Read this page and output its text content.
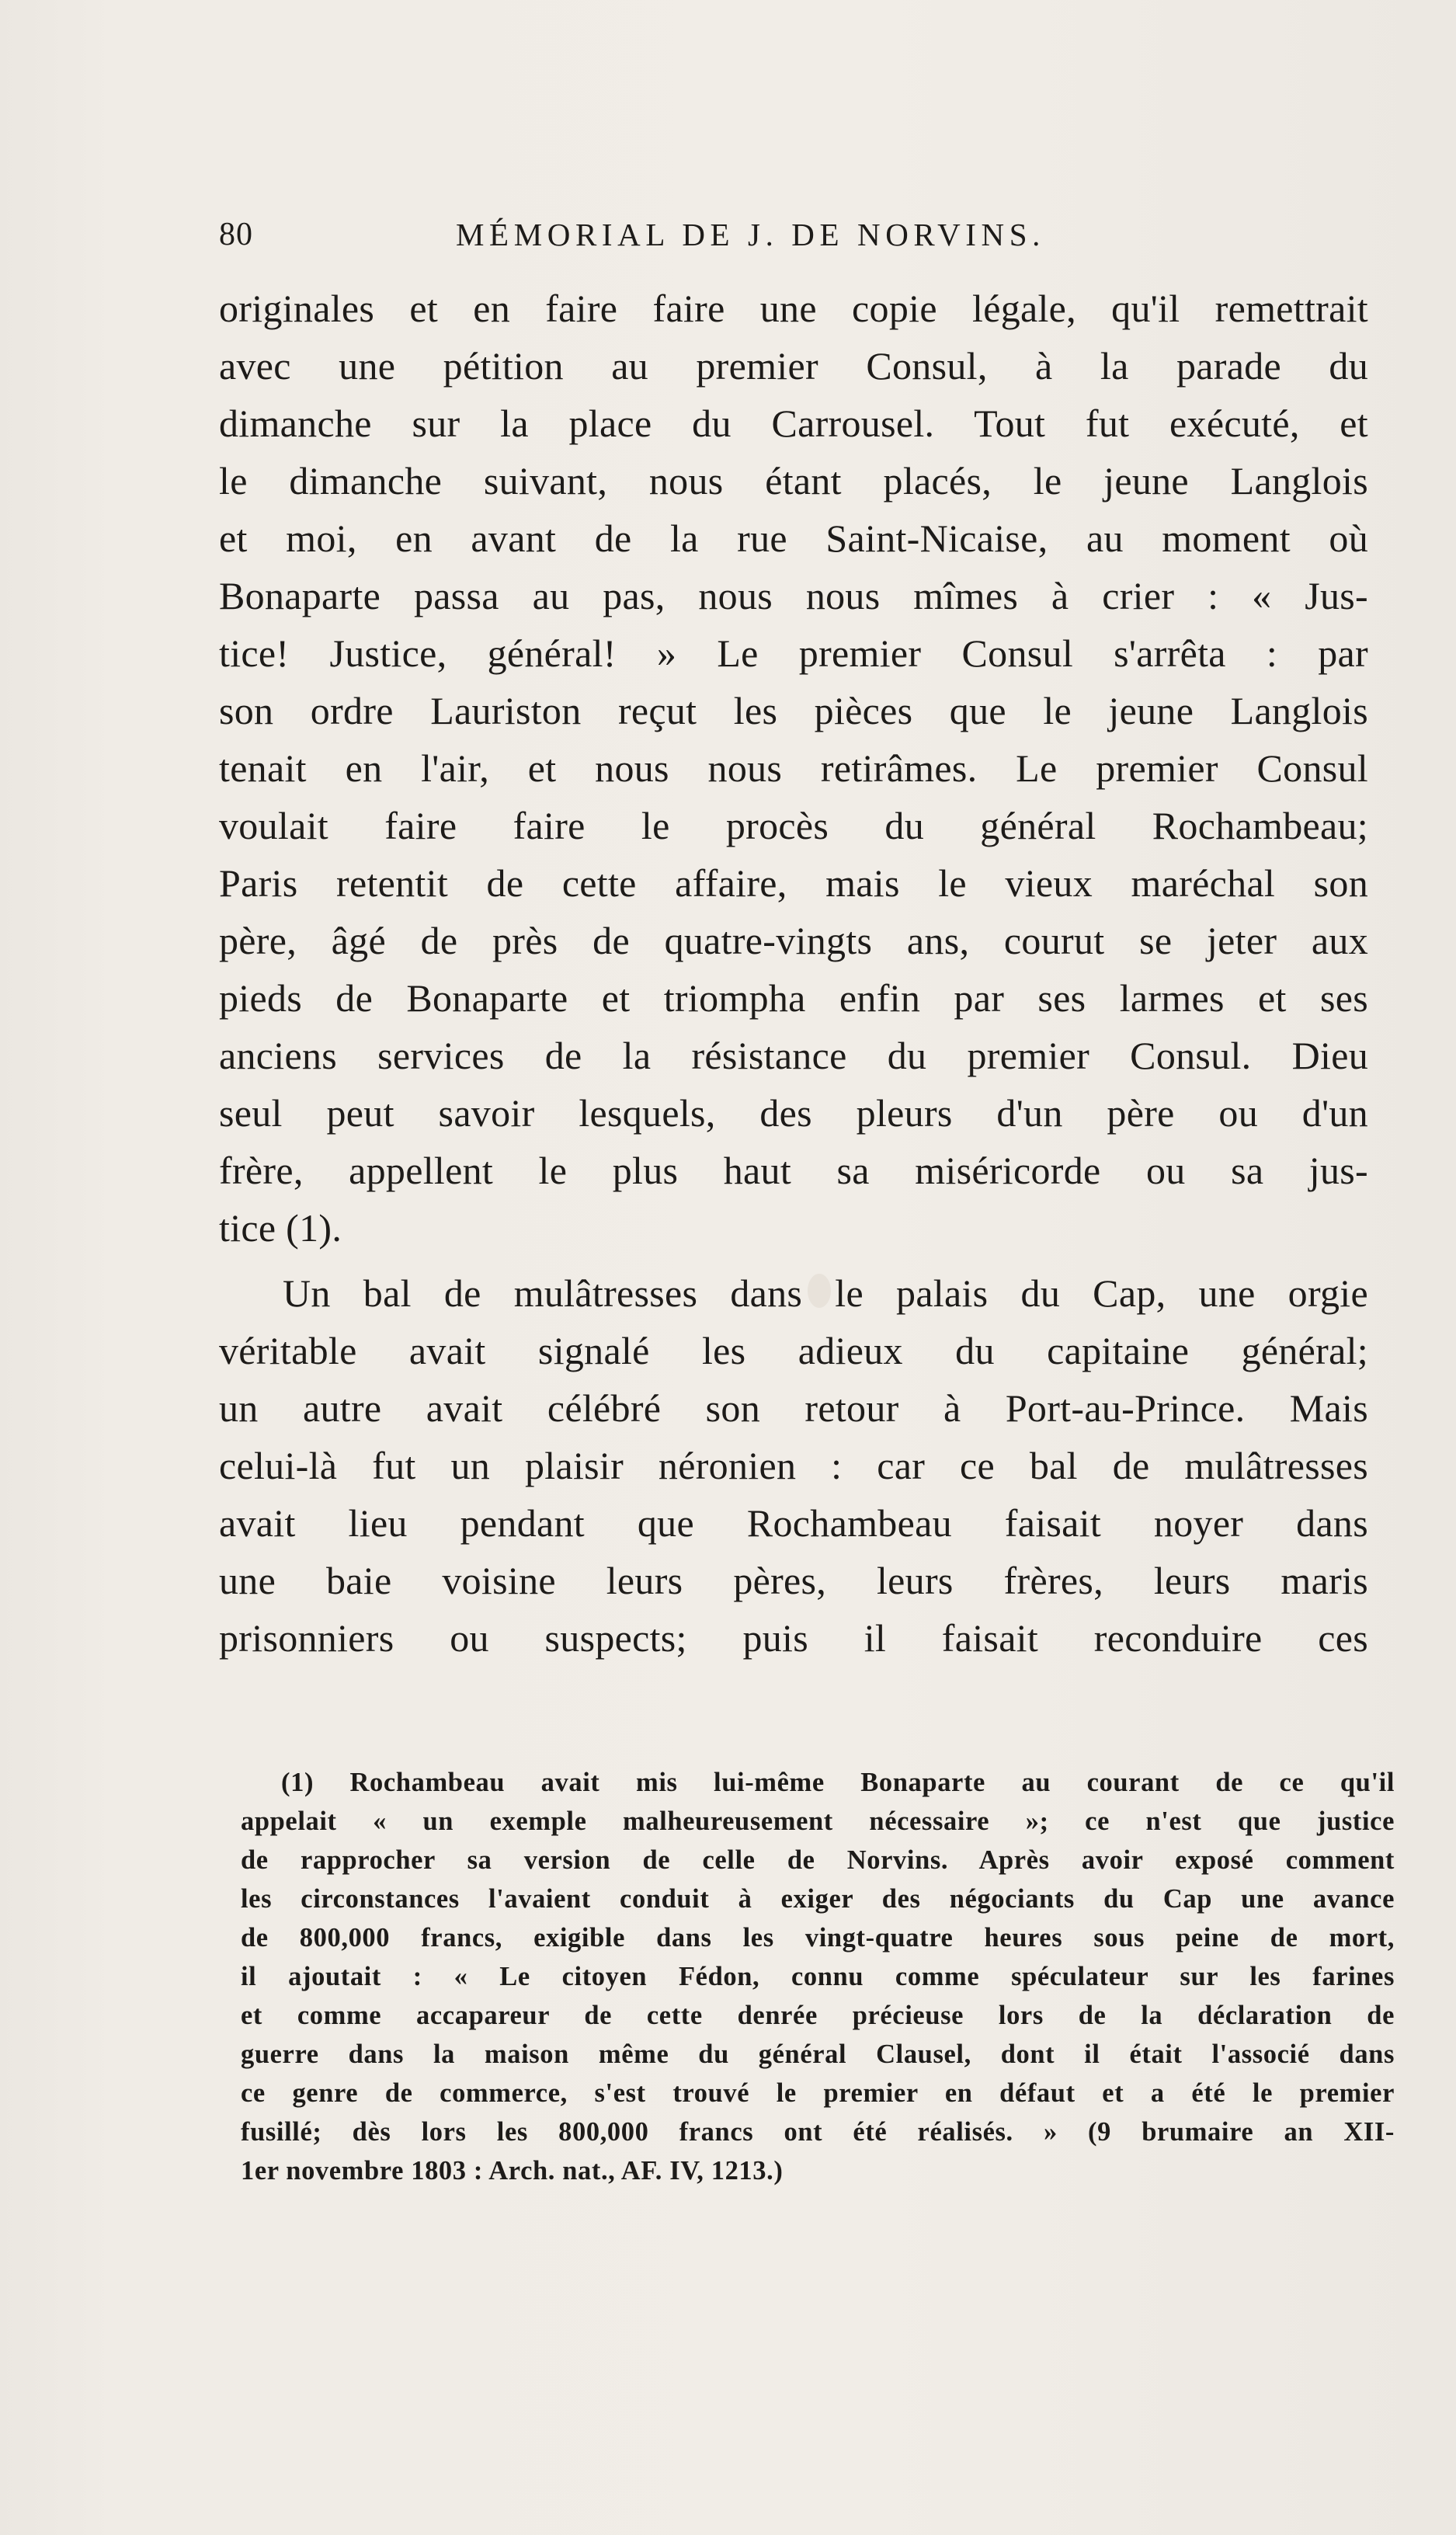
80	MÉMORIAL DE J. DE NORVINS.
originales et en faire faire une copie légale, qu'il remettrait
avec une pétition au premier Consul, à la parade du
dimanche sur la place du Carrousel. Tout fut exécuté, et
le dimanche suivant, nous étant placés, le jeune Langlois
et moi, en avant de la rue Saint-Nicaise, au moment où
Bonaparte passa au pas, nous nous mîmes à crier : « Jus-
tice! Justice, général! » Le premier Consul s'arrêta : par
son ordre Lauriston reçut les pièces que le jeune Langlois
tenait en l'air, et nous nous retirâmes. Le premier Consul
voulait faire faire le procès du général Rochambeau;
Paris retentit de cette affaire, mais le vieux maréchal son
père, âgé de près de quatre-vingts ans, courut se jeter aux
pieds de Bonaparte et triompha enfin par ses larmes et ses
anciens services de la résistance du premier Consul. Dieu
seul peut savoir lesquels, des pleurs d'un père ou d'un
frère, appellent le plus haut sa miséricorde ou sa jus-
tice (1).
Un bal de mulâtresses dans le palais du Cap, une orgie
véritable avait signalé les adieux du capitaine général;
un autre avait célébré son retour à Port-au-Prince. Mais
celui-là fut un plaisir néronien : car ce bal de mulâtresses
avait lieu pendant que Rochambeau faisait noyer dans
une baie voisine leurs pères, leurs frères, leurs maris
prisonniers ou suspects; puis il faisait reconduire ces
(1) Rochambeau avait mis lui-même Bonaparte au courant de ce qu'il
appelait « un exemple malheureusement nécessaire »; ce n'est que justice
de rapprocher sa version de celle de Norvins. Après avoir exposé comment
les circonstances l'avaient conduit à exiger des négociants du Cap une avance
de 800,000 francs, exigible dans les vingt-quatre heures sous peine de mort,
il ajoutait : « Le citoyen Fédon, connu comme spéculateur sur les farines
et comme accapareur de cette denrée précieuse lors de la déclaration de
guerre dans la maison même du général Clausel, dont il était l'associé dans
ce genre de commerce, s'est trouvé le premier en défaut et a été le premier
fusillé; dès lors les 800,000 francs ont été réalisés. » (9 brumaire an XII-
1er novembre 1803 : Arch. nat., AF. IV, 1213.)
